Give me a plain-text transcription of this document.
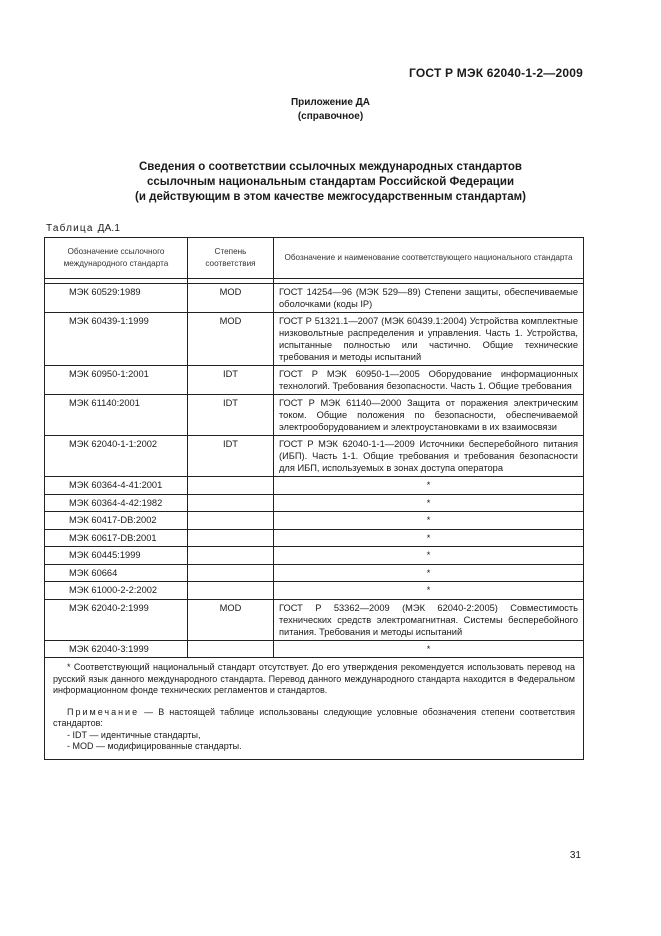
ГОСТ Р МЭК 62040-1-2—2009
Приложение ДА
(справочное)
Сведения о соответствии ссылочных международных стандартов
ссылочным национальным стандартам Российской Федерации
(и действующим в этом качестве межгосударственным стандартам)
Таблица ДА.1
Обозначение ссылочного международного стандарта	Степень соответствия	Обозначение и наименование соответствующего национального стандарта

МЭК 60529:1989	MOD	ГОСТ 14254—96 (МЭК 529—89) Степени защиты, обеспечиваемые оболочками (коды IP)
МЭК 60439-1:1999	MOD	ГОСТ Р 51321.1—2007 (МЭК 60439.1:2004) Устройства комплектные низковольтные распределения и управления. Часть 1. Устройства, испытанные полностью или частично. Общие технические требования и методы испытаний
МЭК 60950-1:2001	IDT	ГОСТ Р МЭК 60950-1—2005 Оборудование информационных технологий. Требования безопасности. Часть 1. Общие требования
МЭК 61140:2001	IDT	ГОСТ Р МЭК 61140—2000 Защита от поражения электрическим током. Общие положения по безопасности, обеспечиваемой электрооборудованием и электроустановками в их взаимосвязи
МЭК 62040-1-1:2002	IDT	ГОСТ Р МЭК 62040-1-1—2009 Источники бесперебойного питания (ИБП). Часть 1-1. Общие требования и требования безопасности для ИБП, используемых в зонах доступа оператора
МЭК 60364-4-41:2001		*
МЭК 60364-4-42:1982		*
МЭК 60417-DB:2002		*
МЭК 60617-DB:2001		*
МЭК 60445:1999		*
МЭК 60664		*
МЭК 61000-2-2:2002		*
МЭК 62040-2:1999	MOD	ГОСТ Р 53362—2009 (МЭК 62040-2:2005) Совместимость технических средств электромагнитная. Системы бесперебойного питания. Требования и методы испытаний
МЭК 62040-3:1999		*

* Соответствующий национальный стандарт отсутствует. До его утверждения рекомендуется использовать перевод на русский язык данного международного стандарта. Перевод данного международного стандарта находится в Федеральном информационном фонде технических регламентов и стандартов.

Примечание — В настоящей таблице использованы следующие условные обозначения степени соответствия стандартов:

- IDT — идентичные стандарты,

- MOD — модифицированные стандарты.		

31
